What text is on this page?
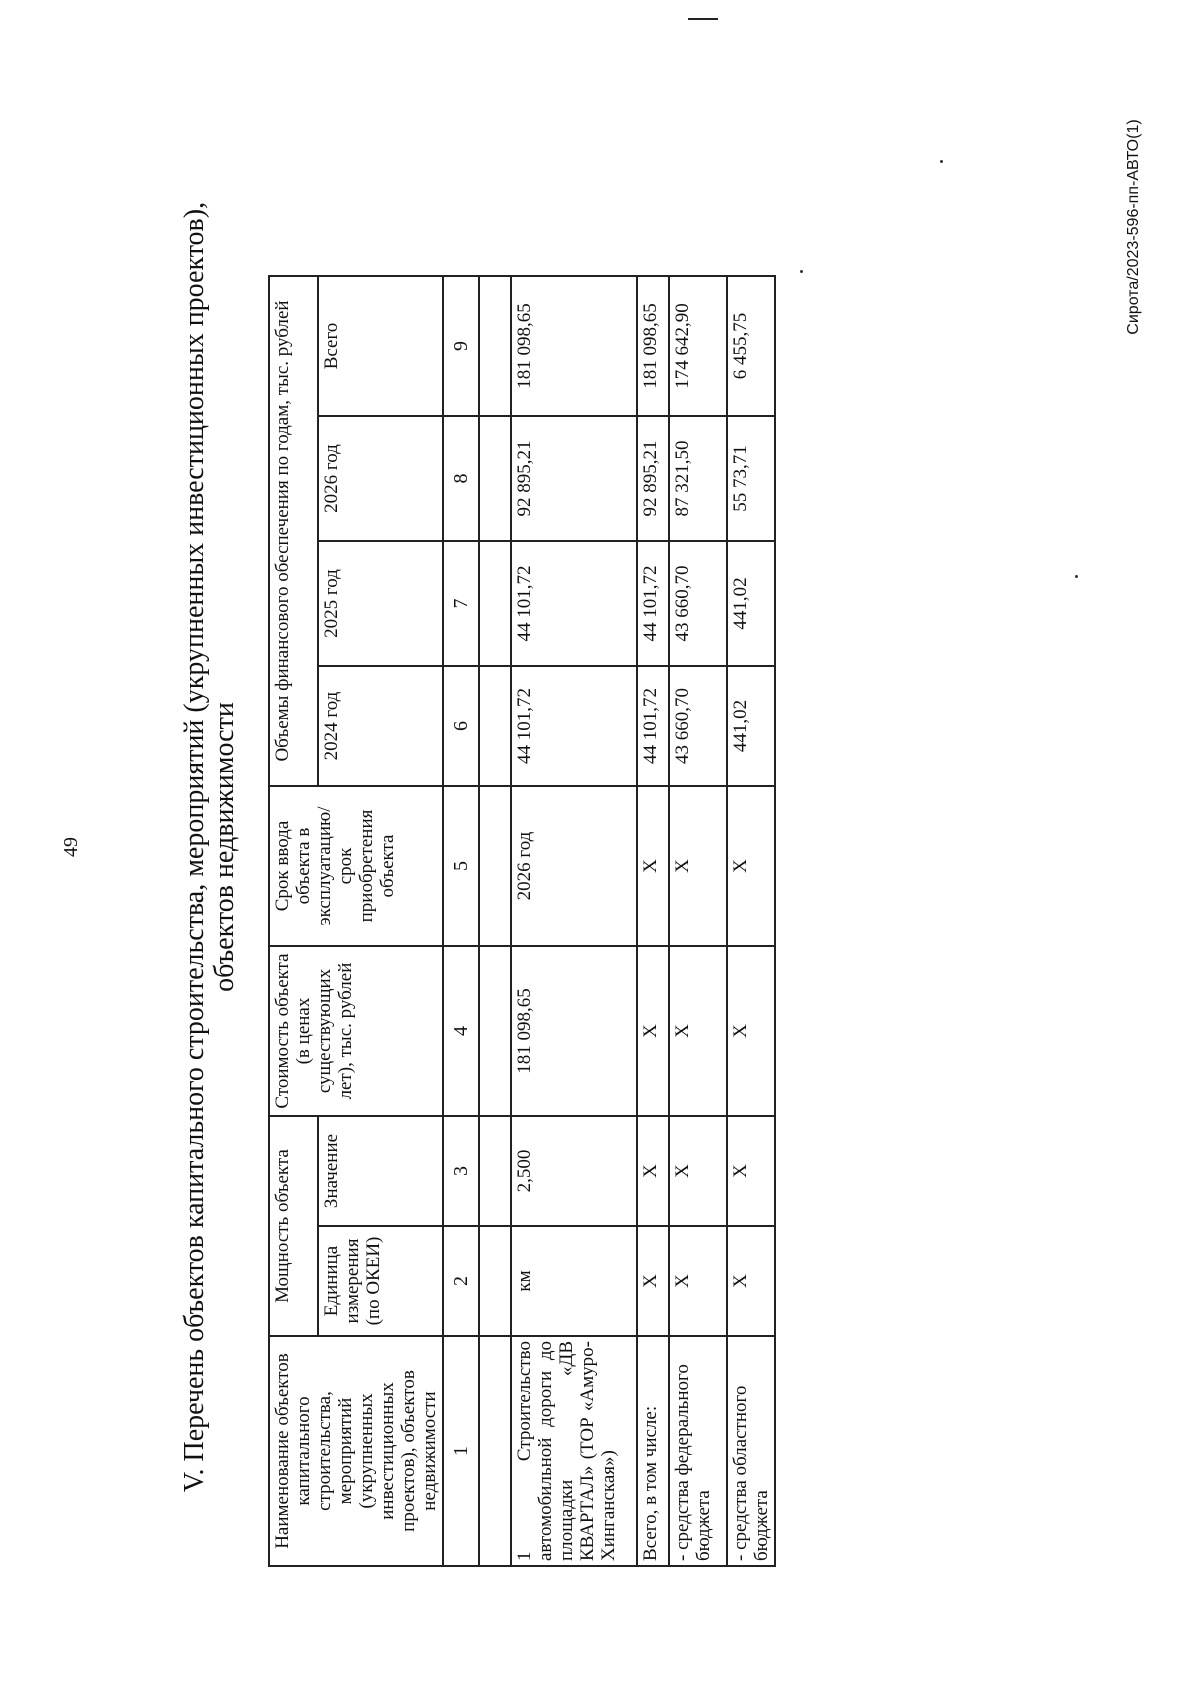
49	V. Перечень объектов капитального строительства, мероприятий (укрупненных инвестиционных проектов), объектов недвижимости
Наименование объектов капитального строительства, мероприятий (укрупненных инвестиционных проектов), объектов недвижимости	Мощность объекта		Стоимость объекта (в ценах существующих лет), тыс. рублей	Срок ввода объекта в эксплуатацию/ срок приобретения объекта	Объемы финансового обеспечения по годам, тыс. рублей			
	Единица измерения (по ОКЕИ)	Значение			2024 год	2025 год	2026 год	Всего
1	2	3	4	5	6	7	8	9

1 Строительство автомобильной дороги до площадки «ДВ КВАРТАЛ» (ТОР «Амуро-Хинганская»)	км	2,500	181 098,65	2026 год	44 101,72	44 101,72	92 895,21	181 098,65
Всего, в том числе:	X	X	X	X	44 101,72	44 101,72	92 895,21	181 098,65
- средства федерального бюджета	X	X	X	X	43 660,70	43 660,70	87 321,50	174 642,90
- средства областного бюджета	X	X	X	X	441,02	441,02	55 73,71	6 455,75
Сирота/2023-596-пп-АВТО(1)
